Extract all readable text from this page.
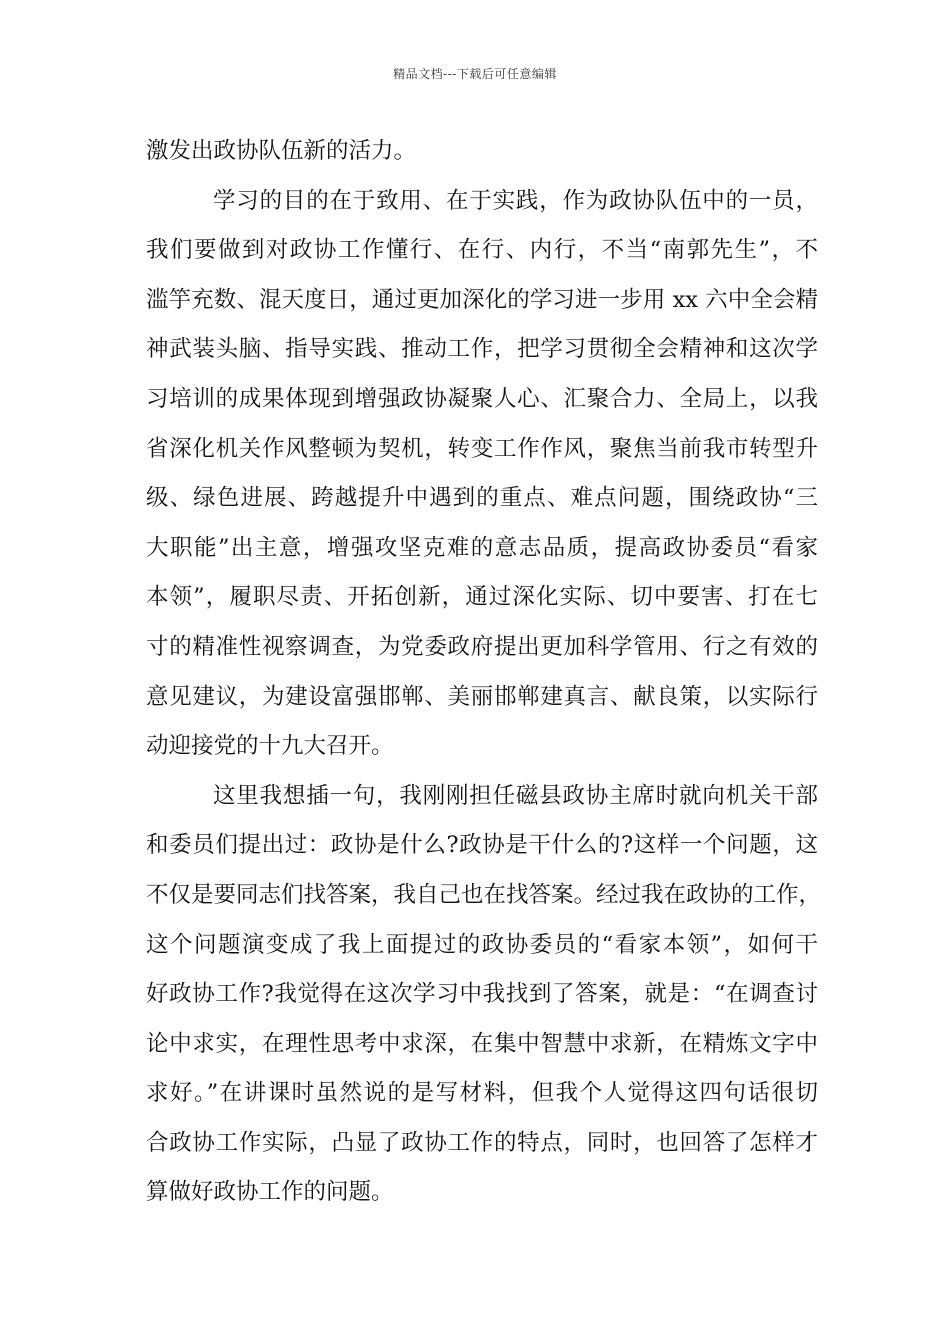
精品文档---下载后可任意编辑
激发出政协队伍新的活力。
学习的目的在于致用、在于实践，作为政协队伍中的一员，
我们要做到对政协工作懂行、在行、内行，不当“南郭先生”，不
滥竽充数、混天度日，通过更加深化的学习进一步用 xx 六中全会精
神武装头脑、指导实践、推动工作，把学习贯彻全会精神和这次学
习培训的成果体现到增强政协凝聚人心、汇聚合力、全局上，以我
省深化机关作风整顿为契机，转变工作作风，聚焦当前我市转型升
级、绿色进展、跨越提升中遇到的重点、难点问题，围绕政协“三
大职能”出主意，增强攻坚克难的意志品质，提高政协委员“看家
本领”，履职尽责、开拓创新，通过深化实际、切中要害、打在七
寸的精准性视察调查，为党委政府提出更加科学管用、行之有效的
意见建议，为建设富强邯郸、美丽邯郸建真言、献良策，以实际行
动迎接党的十九大召开。
这里我想插一句，我刚刚担任磁县政协主席时就向机关干部
和委员们提出过：政协是什么?政协是干什么的?这样一个问题，这
不仅是要同志们找答案，我自己也在找答案。经过我在政协的工作，
这个问题演变成了我上面提过的政协委员的“看家本领”，如何干
好政协工作?我觉得在这次学习中我找到了答案，就是：“在调查讨
论中求实，在理性思考中求深，在集中智慧中求新，在精炼文字中
求好。”在讲课时虽然说的是写材料，但我个人觉得这四句话很切
合政协工作实际，凸显了政协工作的特点，同时，也回答了怎样才
算做好政协工作的问题。
